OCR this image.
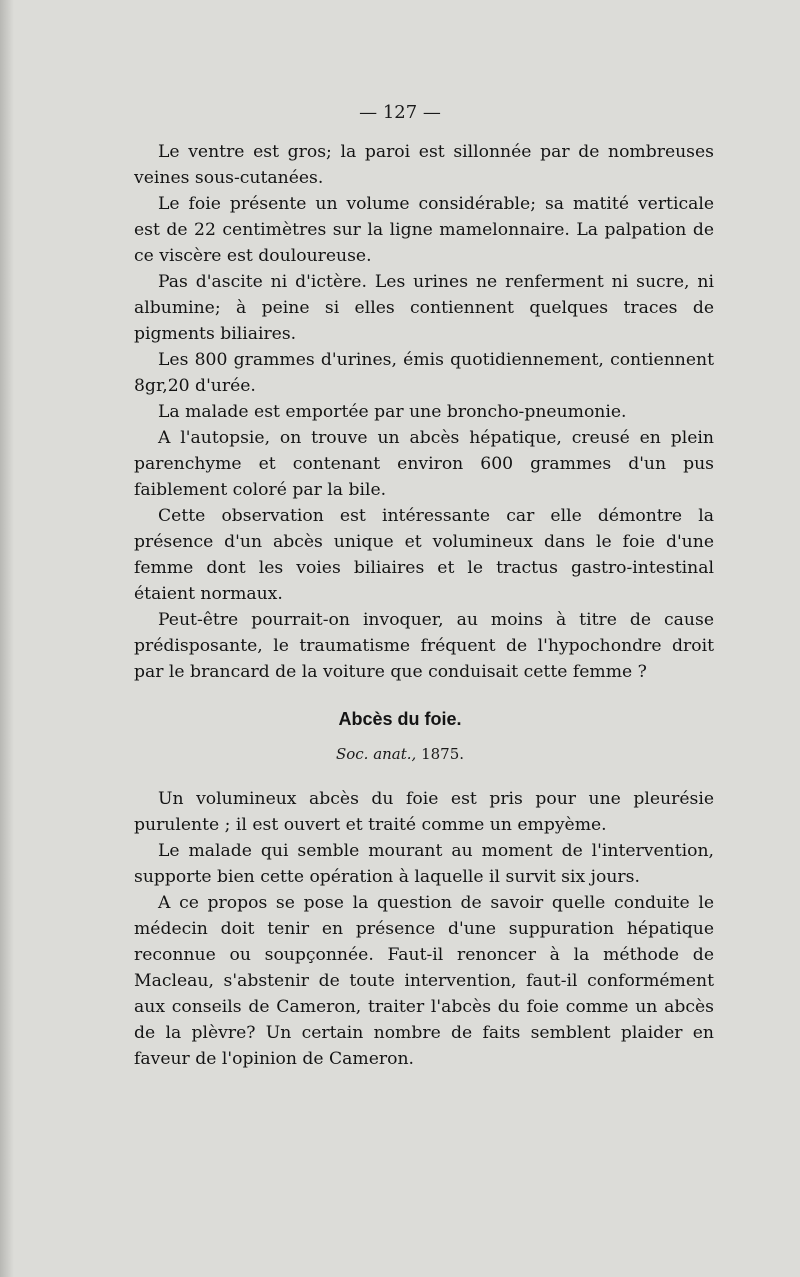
— 127 —

Le ventre est gros; la paroi est sillonnée par de nombreuses veines sous-cutanées.

Le foie présente un volume considérable; sa matité verticale est de 22 centimètres sur la ligne mamelonnaire. La palpation de ce viscère est douloureuse.

Pas d'ascite ni d'ictère. Les urines ne renferment ni sucre, ni albumine; à peine si elles contiennent quelques traces de pigments biliaires.

Les 800 grammes d'urines, émis quotidiennement, contiennent 8gr,20 d'urée.

La malade est emportée par une broncho-pneumonie.

A l'autopsie, on trouve un abcès hépatique, creusé en plein parenchyme et contenant environ 600 grammes d'un pus faiblement coloré par la bile.

Cette observation est intéressante car elle démontre la présence d'un abcès unique et volumineux dans le foie d'une femme dont les voies biliaires et le tractus gastro-intestinal étaient normaux.

Peut-être pourrait-on invoquer, au moins à titre de cause prédisposante, le traumatisme fréquent de l'hypochondre droit par le brancard de la voiture que conduisait cette femme ?

Abcès du foie.
Soc. anat., 1875.

Un volumineux abcès du foie est pris pour une pleurésie purulente ; il est ouvert et traité comme un empyème.

Le malade qui semble mourant au moment de l'intervention, supporte bien cette opération à laquelle il survit six jours.

A ce propos se pose la question de savoir quelle conduite le médecin doit tenir en présence d'une suppuration hépatique reconnue ou soupçonnée. Faut-il renoncer à la méthode de Macleau, s'abstenir de toute intervention, faut-il conformément aux conseils de Cameron, traiter l'abcès du foie comme un abcès de la plèvre? Un certain nombre de faits semblent plaider en faveur de l'opinion de Cameron.
